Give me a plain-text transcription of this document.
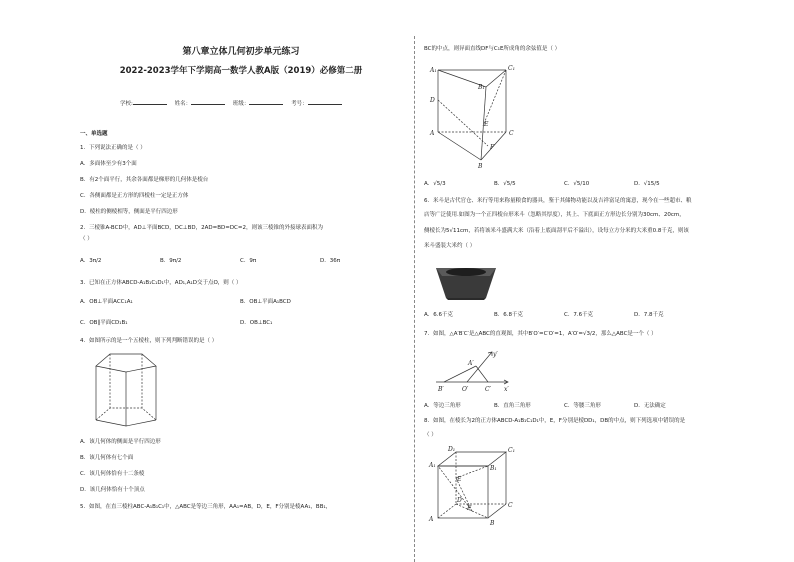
第八章立体几何初步单元练习
2022-2023学年下学期高一数学人教A版（2019）必修第二册
学校:	姓名：	班级：	考号：
一、单选题
1．下列说法正确的是（ ）
A．多面体至少有3个面
B．有2个面平行，其余各面都是梯形的几何体是棱台
C．各侧面都是正方形的四棱柱一定是正方体
D．棱柱的侧棱相等，侧面是平行四边形
2．三棱锥A-BCD中，AD⊥平面BCD，DC⊥BD，2AD=BD=DC=2，则该三棱锥的外接球表面积为
（ ）
A．3π/2	B．9π/2	C．9π	D．36π
3．已知在正方体ABCD-A₁B₁C₁D₁中，AD₁,A₁D交于点O，则（ ）
A．OB⊥平面ACC₁A₁	B．OB⊥平面A₁BCD
C．OB∥平面CD₁B₁	D．OB⊥BC₁
4．如图所示的是一个五棱柱，则下列判断错误的是（ ）
A．该几何体的侧面是平行四边形
B．该几何体有七个面
C．该几何体恰有十二条棱
D．该几何体恰有十个顶点
5．如图，在直三棱柱ABC-A₁B₁C₁中，△ABC是等边三角形，AA₁=AB，D，E，F分别是棱AA₁，BB₁，
BC的中点，则异面直线DF与C₁E所成角的余弦值是（ ）
A₁	C₁
B₁
D
E
A	C
F
B
A．√5/3	B．√5/5	C．√5/10	D．√15/5
6．米斗是古代官仓、米行等用来称量粮食的器具，鉴于其储物功能以及吉祥富足的寓意，现今在一些超市、粮
店等广泛使用.如图为一个正四棱台形米斗（忽略其厚度），其上、下底面正方形边长分别为30cm、20cm，
侧棱长为5√11cm，若将该米斗盛满大米（沿着上底面刮平后不溢出），设每立方分米的大米重0.8千克，则该
米斗盛装大米约（ ）
A．6.6千克	B．6.8千克	C．7.6千克	D．7.8千克
7．如图，△A′B′C′是△ABC的直观图，其中B′O′=C′O′=1，A′O′=√3/2，那么△ABC是一个（ ）
y′
A′
B′	O′	C′ x′
A．等边三角形	B．直角三角形	C．等腰三角形	D．无法确定
8．如图，在棱长为2的正方体ABCD-A₁B₁C₁D₁中，E，F分别是棱DD₁，DB的中点，则下列选项中错误的是
（ ）
D₁	C₁
A₁	B₁
E
D
F	C
A
B
